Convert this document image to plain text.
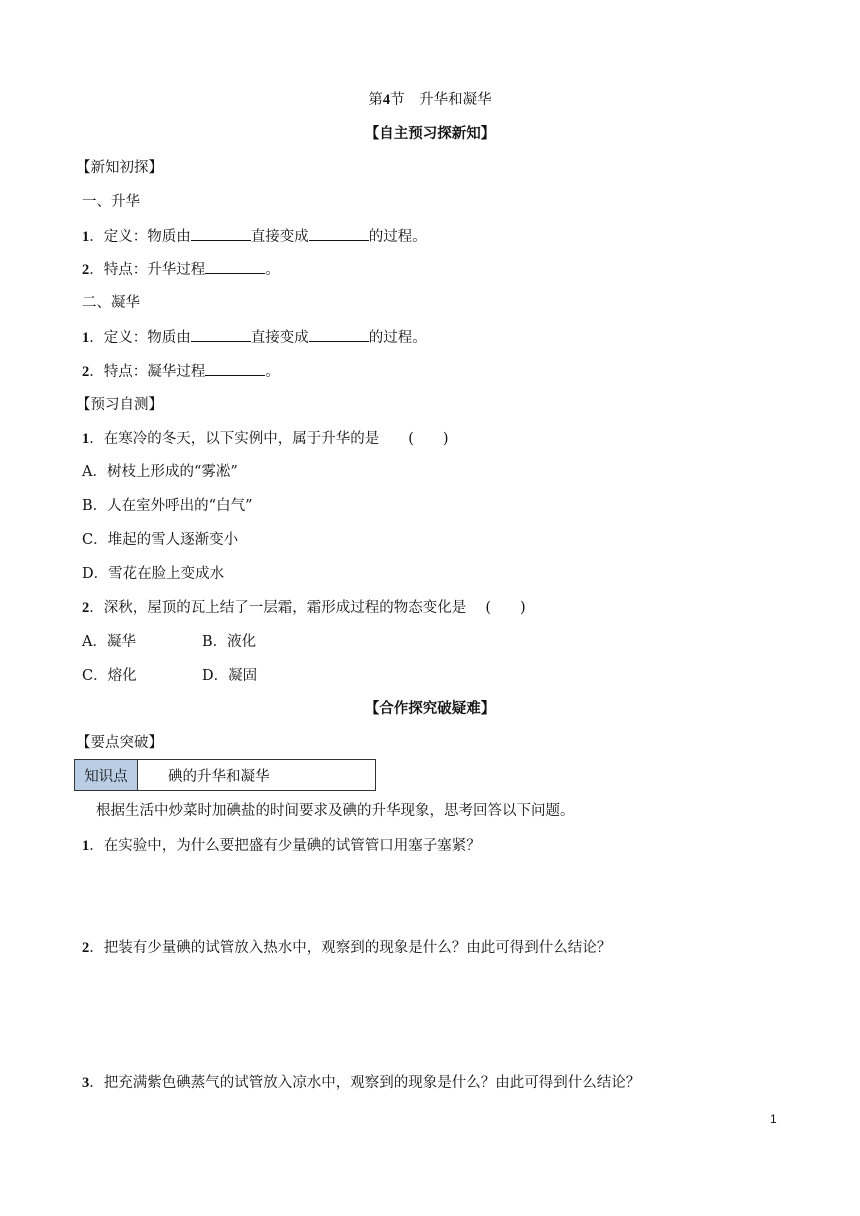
第4节　升华和凝华
【自主预习探新知】
【新知初探】
一、升华
1．定义：物质由	直接变成	的过程。
2．特点：升华过程	。
二、凝华
1．定义：物质由	直接变成	的过程。
2．特点：凝华过程	。
【预习自测】
1．在寒冷的冬天，以下实例中，属于升华的是　　(　　)
A．树枝上形成的“雾凇”
B．人在室外呼出的“白气”
C．堆起的雪人逐渐变小
D．雪花在脸上变成水
2．深秋，屋顶的瓦上结了一层霜，霜形成过程的物态变化是　 (　　)
A．凝华	B．液化
C．熔化	D．凝固
【合作探究破疑难】
【要点突破】
知识点	碘的升华和凝华
根据生活中炒菜时加碘盐的时间要求及碘的升华现象，思考回答以下问题。
1．在实验中，为什么要把盛有少量碘的试管管口用塞子塞紧？
2．把装有少量碘的试管放入热水中，观察到的现象是什么？由此可得到什么结论？
3．把充满紫色碘蒸气的试管放入凉水中，观察到的现象是什么？由此可得到什么结论？
1
